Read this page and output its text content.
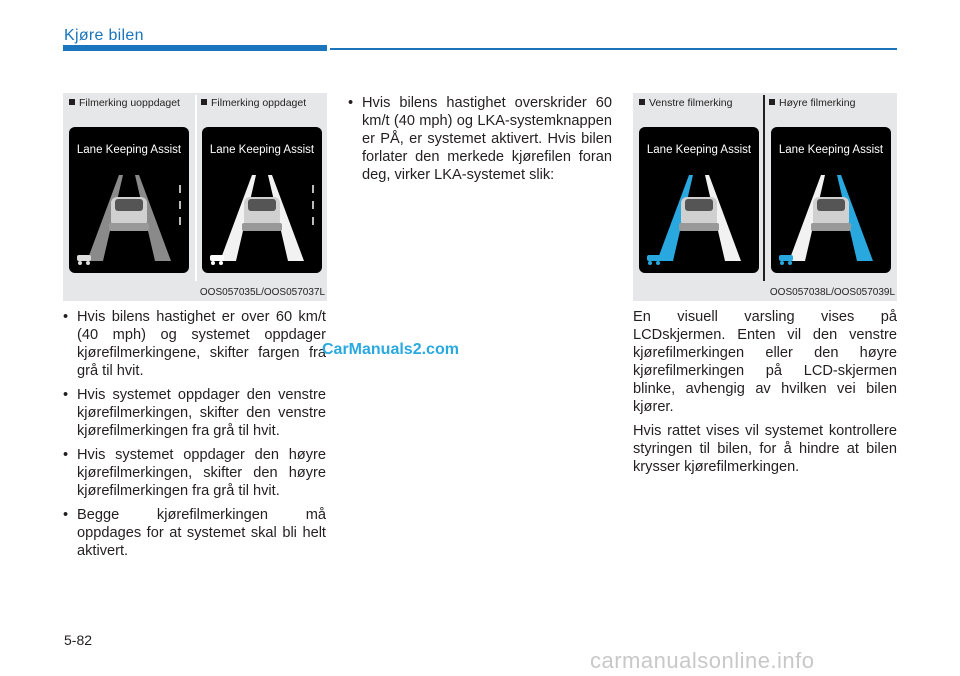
Kjøre bilen
Filmerking uoppdaget	Filmerking oppdaget
Lane Keeping Assist	Lane Keeping Assist
OOS057035L/OOS057037L
Venstre filmerking	Høyre filmerking
Lane Keeping Assist Lane Keeping Assist
OOS057038L/OOS057039L

• Hvis bilens hastighet er over 60 km/t (40 mph) og systemet oppdager kjørefilmerkingene, skifter fargen fra grå til hvit.

• Hvis systemet oppdager den venstre kjørefilmerkingen, skifter den venstre kjørefilmerkingen fra grå til hvit.

• Hvis systemet oppdager den høyre kjørefilmerkingen, skifter den høyre kjørefilmerkingen fra grå til hvit.

• Begge kjørefilmerkingen må oppdages for at systemet skal bli helt aktivert.

• Hvis bilens hastighet overskrider 60 km/t (40 mph) og LKA-systemknappen er PÅ, er systemet aktivert. Hvis bilen forlater den merkede kjørefilen foran deg, virker LKA-systemet slik:

En visuell varsling vises på LCDskjermen. Enten vil den venstre kjørefilmerkingen eller den høyre kjørefilmerkingen på LCD-skjermen blinke, avhengig av hvilken vei bilen kjører.

Hvis rattet vises vil systemet kontrollere styringen til bilen, for å hindre at bilen krysser kjørefilmerkingen.

CarManuals2.com
5-82
carmanualsonline.info
